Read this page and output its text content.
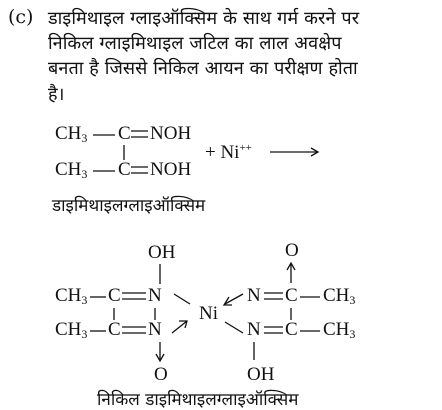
(c) डाइमिथाइल ग्लाइऑक्सिम के साथ गर्म करने पर
निकिल ग्लाइमिथाइल जटिल का लाल अवक्षेप
बनता है जिससे निकिल आयन का परीक्षण होता
है।
$CH_3$ C NOH
$CH_3$ C NOH
+ Ni++
डाइमिथाइलग्लाइऑक्सिम
OH
$CH_3$ C N
$CH_3$ C N
O
Ni
O
N C $CH_3$
N C $CH_3$
OH
निकिल डाइमिथाइलग्लाइऑक्सिम
